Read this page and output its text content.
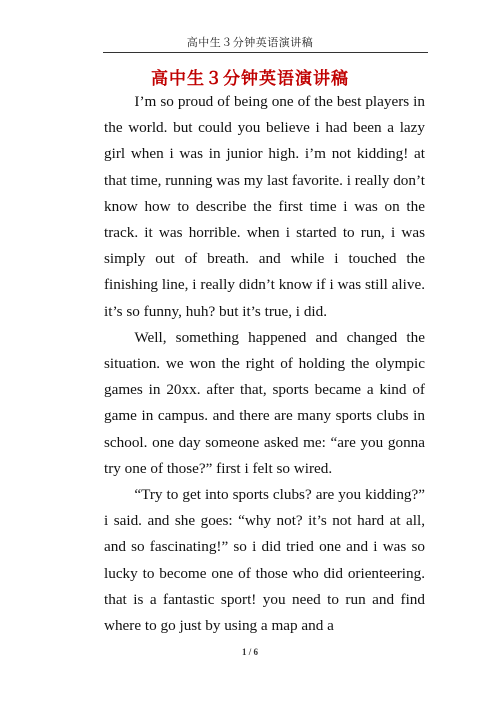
高中生３分钟英语演讲稿
高中生３分钟英语演讲稿

I’m so proud of being one of the best players in the world. but could you believe i had been a lazy girl when i was in junior high. i’m not kidding! at that time, running was my last favorite. i really don’t know how to describe the first time i was on the track. it was horrible. when i started to run, i was simply out of breath. and while i touched the finishing line, i really didn’t know if i was still alive. it’s so funny, huh? but it’s true, i did.

Well, something happened and changed the situation. we won the right of holding the olympic games in 20xx. after that, sports became a kind of game in campus. and there are many sports clubs in school. one day someone asked me: “are you gonna try one of those?” first i felt so wired.

“Try to get into sports clubs? are you kidding?” i said. and she goes: “why not? it’s not hard at all, and so fascinating!” so i did tried one and i was so lucky to become one of those who did orienteering. that is a fantastic sport! you need to run and find where to go just by using a map and a

1 / 6
